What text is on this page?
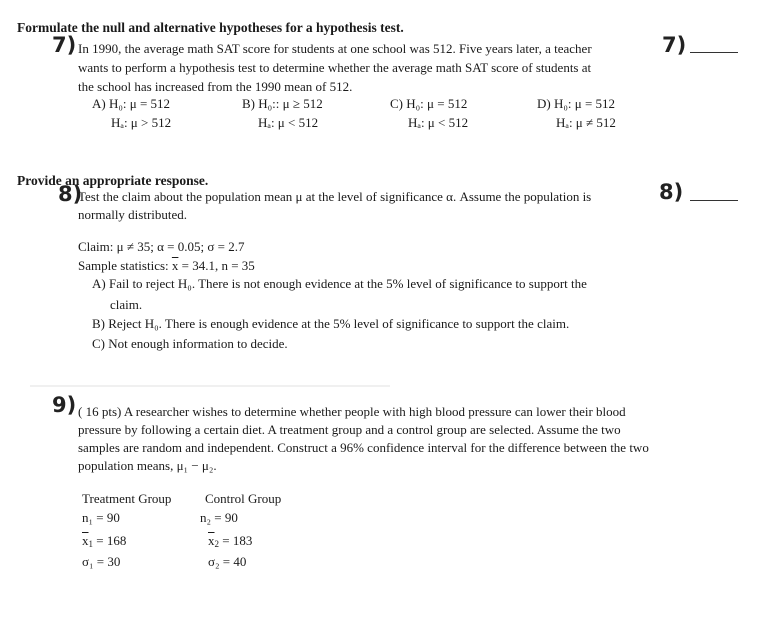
Formulate the null and alternative hypotheses for a hypothesis test.
7) In 1990, the average math SAT score for students at one school was 512. Five years later, a teacher
wants to perform a hypothesis test to determine whether the average math SAT score of students at
the school has increased from the 1990 mean of 512.
7)
A) H₀: μ = 512
Hₐ: μ > 512
B) H₀:: μ ≥ 512
Hₐ: μ < 512
C) H₀: μ = 512
Hₐ: μ < 512
D) H₀: μ = 512
Hₐ: μ ≠ 512
Provide an appropriate response.
8)
Test the claim about the population mean μ at the level of significance α. Assume the population is
normally distributed.
8)
Claim: μ ≠ 35; α = 0.05; σ = 2.7
Sample statistics: $\overline{x} = 34.1$, n = 35
A) Fail to reject H₀. There is not enough evidence at the 5% level of significance to support the
claim.
B) Reject H₀. There is enough evidence at the 5% level of significance to support the claim.
C) Not enough information to decide.
9) ( 16 pts) A researcher wishes to determine whether people with high blood pressure can lower their blood
pressure by following a certain diet. A treatment group and a control group are selected. Assume the two
samples are random and independent. Construct a 96% confidence interval for the difference between the two
population means, μ₁ − μ₂.
Treatment Group
n₁ = 90
$\overline{x}_1 = 168$
σ₁ = 30
Control Group
n₂ = 90
$\overline{x}_2 = 183$
σ₂ = 40
